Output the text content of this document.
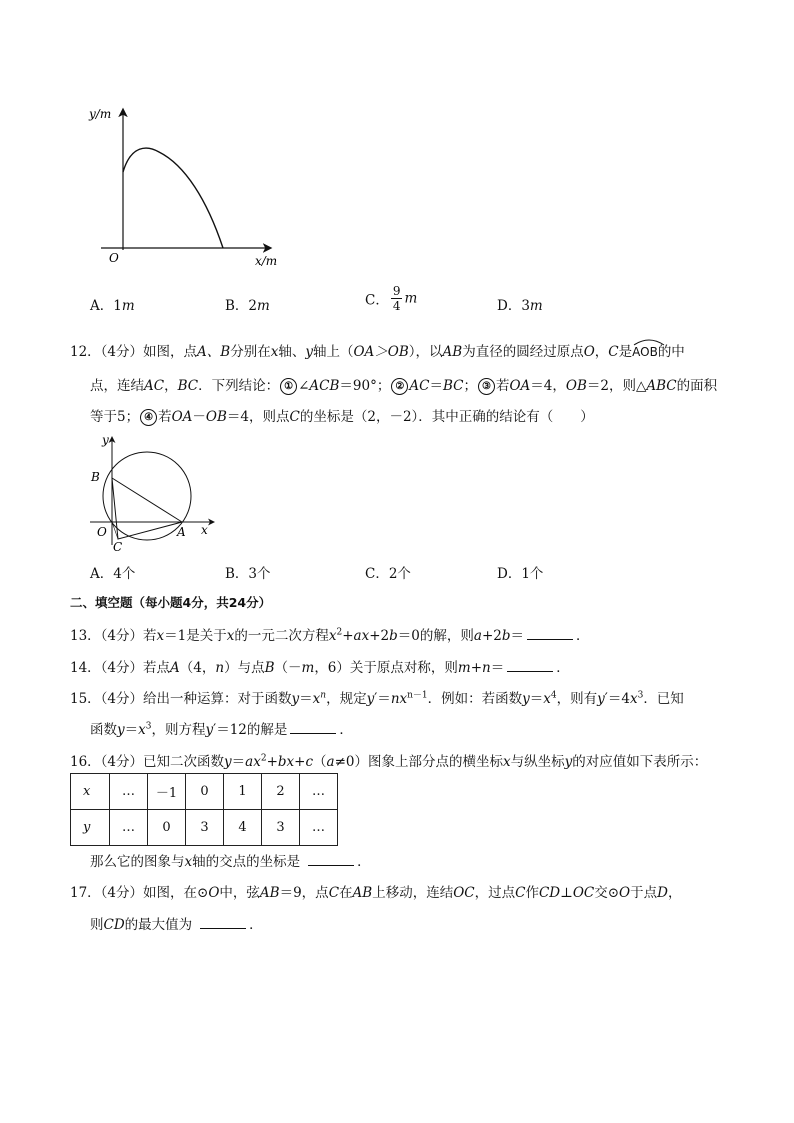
y/m
x/m
O
A．1m	B．2m	C． $\frac{9}{4}$ m	D．3m
12．（4分）如图，点A、B分别在x轴、y轴上（OA＞OB），以AB为直径的圆经过原点O，C是
AOB的中
点，连结AC，BC．下列结论： ① ∠ACB＝90°； ② AC＝BC； ③ 若OA＝4，OB＝2，则△ABC的面积
等于5； ④ 若OA－OB＝4，则点C的坐标是（2，－2）．其中正确的结论有（　　）
y
B
O
C
A x
A．4个	B．3个	C．2个	D．1个
二、填空题（每小题4分，共24分）
13．（4分）若x＝1是关于x的一元二次方程$x^2+ax+2b=0$的解，则a+2b＝	．
14．（4分）若点A（4，n）与点B（－m，6）关于原点对称，则m+n＝	．
15．（4分）给出一种运算：对于函数$y=x^n$，规定$y'=nx^{n-1}$．例如：若函数$y=x^4$，则有$y'=4x^3$．已知
函数$y=x^3$，则方程y′＝12的解是	．
16．（4分）已知二次函数$y=ax^2+bx+c(a\ne 0)$图象上部分点的横坐标x与纵坐标y的对应值如下表所示：
x	…	－1	0	1	2	…
y	…	0	3	4	3	…
那么它的图象与x轴的交点的坐标是	．
17．（4分）如图，在⊙O中，弦AB＝9，点C在AB上移动，连结OC，过点C作CD⊥OC交⊙O于点D，
则CD的最大值为	．
